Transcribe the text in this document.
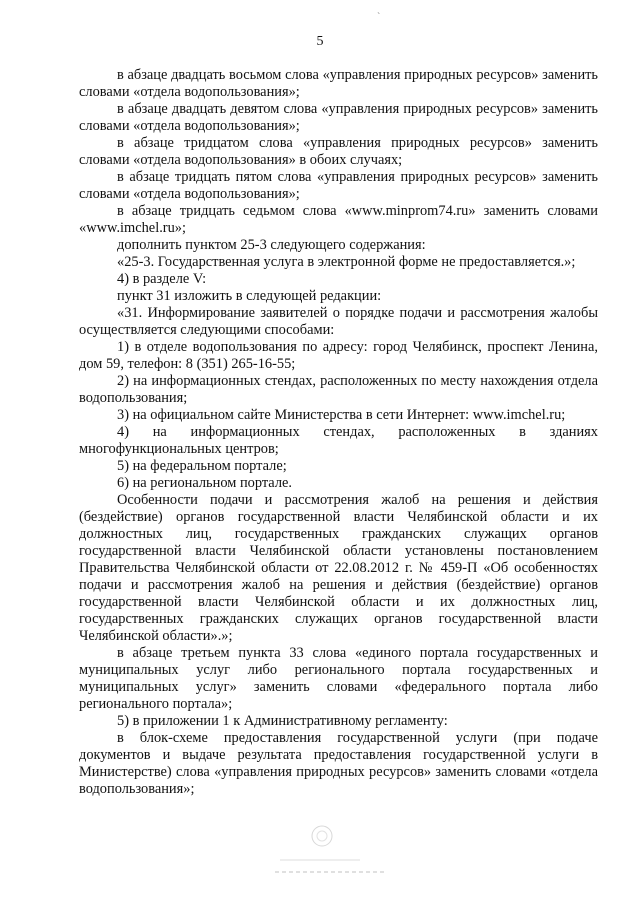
`
5

в абзаце двадцать восьмом слова «управления природных ресурсов» заменить словами «отдела водопользования»;

в абзаце двадцать девятом слова «управления природных ресурсов» заменить словами «отдела водопользования»;

в абзаце тридцатом слова «управления природных ресурсов» заменить словами «отдела водопользования» в обоих случаях;

в абзаце тридцать пятом слова «управления природных ресурсов» заменить словами «отдела водопользования»;

в абзаце тридцать седьмом слова «www.minprom74.ru» заменить словами «www.imchel.ru»;

дополнить пунктом 25-3 следующего содержания:

«25-3. Государственная услуга в электронной форме не предоставляется.»;

4) в разделе V:

пункт 31 изложить в следующей редакции:

«31. Информирование заявителей о порядке подачи и рассмотрения жалобы осуществляется следующими способами:

1) в отделе водопользования по адресу: город Челябинск, проспект Ленина, дом 59, телефон: 8 (351) 265-16-55;

2) на информационных стендах, расположенных по месту нахождения отдела водопользования;

3) на официальном сайте Министерства в сети Интернет: www.imchel.ru;

4) на информационных стендах, расположенных в зданиях многофункциональных центров;

5) на федеральном портале;

6) на региональном портале.

Особенности подачи и рассмотрения жалоб на решения и действия (бездействие) органов государственной власти Челябинской области и их должностных лиц, государственных гражданских служащих органов государственной власти Челябинской области установлены постановлением Правительства Челябинской области от 22.08.2012 г. № 459-П «Об особенностях подачи и рассмотрения жалоб на решения и действия (бездействие) органов государственной власти Челябинской области и их должностных лиц, государственных гражданских служащих органов государственной власти Челябинской области».»;

в абзаце третьем пункта 33 слова «единого портала государственных и муниципальных услуг либо регионального портала государственных и муниципальных услуг» заменить словами «федерального портала либо регионального портала»;

5) в приложении 1 к Административному регламенту:

в блок-схеме предоставления государственной услуги (при подаче документов и выдаче результата предоставления государственной услуги в Министерстве) слова «управления природных ресурсов» заменить словами «отдела водопользования»;
